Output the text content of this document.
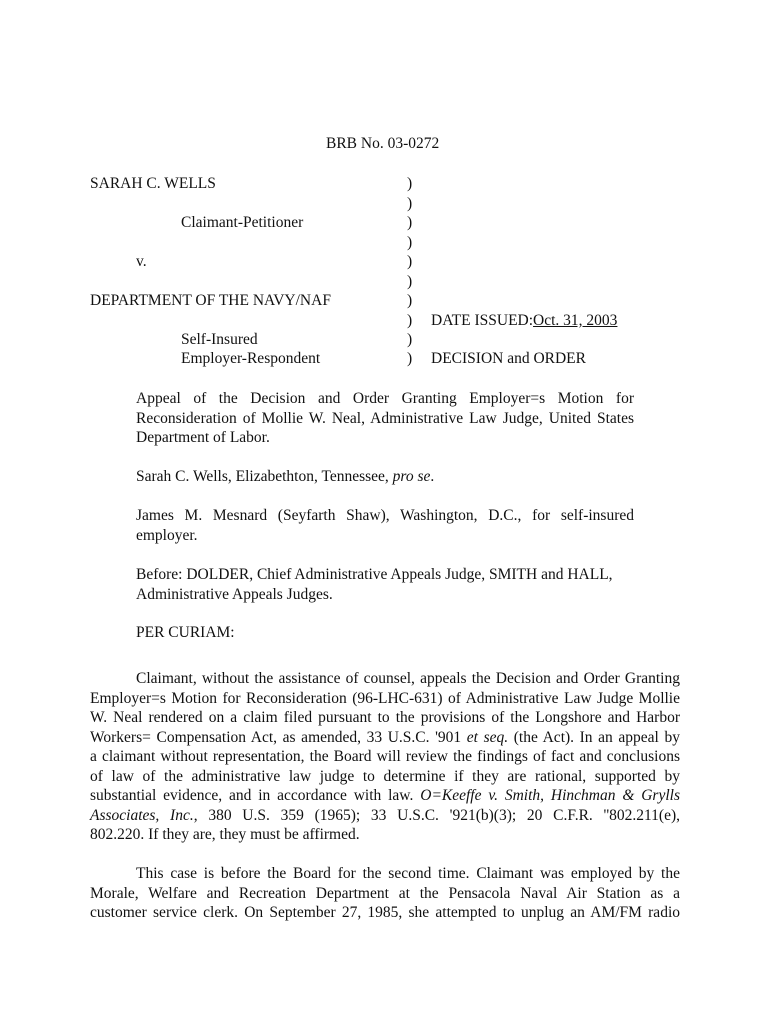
BRB No. 03-0272
SARAH C. WELLS
Claimant-Petitioner
v.
DEPARTMENT OF THE NAVY/NAF
Self-Insured
Employer-Respondent
)
)
)
)
)
)
)
)
)
)
DATE ISSUED:Oct. 31, 2003
DECISION and ORDER
Appeal of the Decision and Order Granting Employer=s Motion for
Reconsideration of Mollie W. Neal, Administrative Law Judge, United States
Department of Labor.
Sarah C. Wells, Elizabethton, Tennessee, pro se.
James M. Mesnard (Seyfarth Shaw), Washington, D.C., for self-insured
employer.
Before: DOLDER, Chief Administrative Appeals Judge, SMITH and HALL,
Administrative Appeals Judges.
PER CURIAM:
Claimant, without the assistance of counsel, appeals the Decision and Order Granting
Employer=s Motion for Reconsideration (96-LHC-631) of Administrative Law Judge Mollie
W. Neal rendered on a claim filed pursuant to the provisions of the Longshore and Harbor
Workers= Compensation Act, as amended, 33 U.S.C. '901 et seq. (the Act). In an appeal by
a claimant without representation, the Board will review the findings of fact and conclusions
of law of the administrative law judge to determine if they are rational, supported by
substantial evidence, and in accordance with law. O=Keeffe v. Smith, Hinchman & Grylls
Associates, Inc., 380 U.S. 359 (1965); 33 U.S.C. '921(b)(3); 20 C.F.R. ''802.211(e),
802.220. If they are, they must be affirmed.
This case is before the Board for the second time. Claimant was employed by the
Morale, Welfare and Recreation Department at the Pensacola Naval Air Station as a
customer service clerk. On September 27, 1985, she attempted to unplug an AM/FM radio
